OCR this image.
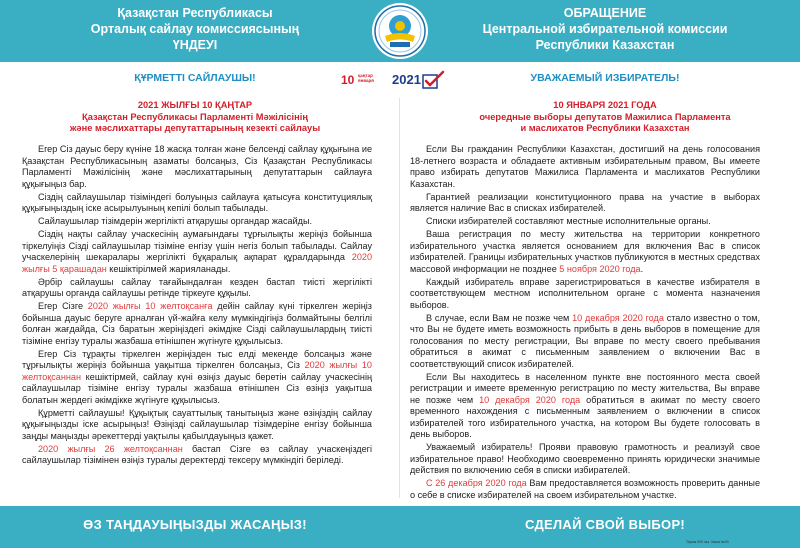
Қазақстан Республикасы
Орталық сайлау комиссиясының
ҮНДЕУІ
ОБРАЩЕНИЕ
Центральной избирательной комиссии
Республики Казахстан
ҚҰРМЕТТІ САЙЛАУШЫ!	УВАЖАЕМЫЙ ИЗБИРАТЕЛЬ!
10 қаңтар
января 2021
2021 ЖЫЛҒЫ 10 ҚАҢТАР
Қазақстан Республикасы Парламенті Мәжілісінің
және мәслихаттары депутаттарының кезекті сайлауы
10 ЯНВАРЯ 2021 ГОДА
очередные выборы депутатов Мажилиса Парламента
и маслихатов Республики Казахстан

Егер Сіз дауыс беру күніне 18 жасқа толған және белсенді сайлау құқығына ие Қазақстан Республикасының азаматы болсаңыз, Сіз Қазақстан Республикасы Парламенті Мәжілісінің және мәслихаттарының депутаттарын сайлауға құқығыңыз бар.

Сіздің сайлаушылар тізіміндегі болуыңыз сайлауға қатысуға конституциялық құқығыңыздың іске асырылуының кепілі болып табылады.

Сайлаушылар тізімдерін жергілікті атқарушы органдар жасайды.

Сіздің нақты сайлау учаскесінің аумағындағы тұрғылықты жеріңіз бойынша тіркелуіңіз Сізді сайлаушылар тізіміне енгізу үшін негіз болып табылады. Сайлау учаскелерінің шекаралары жергілікті бұқаралық ақпарат құралдарында 2020 жылғы 5 қарашадан кешіктірілмей жарияланады.

Әрбір сайлаушы сайлау тағайындалған кезден бастап тиісті жергілікті атқарушы органда сайлаушы ретінде тіркеуге құқылы.

Егер Сізге 2020 жылғы 10 желтоқсанға дейін сайлау күні тіркелген жеріңіз бойынша дауыс беруге арналған үй-жайға келу мүмкіндігіңіз болмайтыны белгілі болған жағдайда, Сіз баратын жеріңіздегі әкімдіке Сізді сайлаушылардың тиісті тізіміне енгізу туралы жазбаша өтінішпен жүгінуге құқылысыз.

Егер Сіз тұрақты тіркелген жеріңізден тыс елді мекенде болсаңыз және тұрғылықты жеріңіз бойынша уақытша тіркелген болсаңыз, Сіз 2020 жылғы 10 желтоқсаннан кешіктірмей, сайлау күні өзіңіз дауыс беретін сайлау учаскесінің сайлаушылар тізіміне енгізу туралы жазбаша өтінішпен Сіз өзіңіз уақытша болатын жердегі әкімдікке жүгінуге құқылысыз.

Құрметті сайлаушы! Құқықтық сауаттылық танытыңыз және өзіңіздің сайлау құқығыңызды іске асырыңыз! Өзіңізді сайлаушылар тізімдеріне енгізу бойынша заңды маңызды әрекеттерді уақтылы қабылдауыңыз қажет.

2020 жылғы 26 желтоқсаннан бастап Сізге өз сайлау учаскеңіздегі сайлаушылар тізімінен өзіңіз туралы деректерді тексеру мүмкіндігі беріледі.

Если Вы гражданин Республики Казахстан, достигший на день голосования 18-летнего возраста и обладаете активным избирательным правом, Вы имеете право избирать депутатов Мажилиса Парламента и маслихатов Республики Казахстан.

Гарантией реализации конституционного права на участие в выборах является наличие Вас в списках избирателей.

Списки избирателей составляют местные исполнительные органы.

Ваша регистрация по месту жительства на территории конкретного избирательного участка является основанием для включения Вас в список избирателей. Границы избирательных участков публикуются в местных средствах массовой информации не позднее 5 ноября 2020 года.

Каждый избиратель вправе зарегистрироваться в качестве избирателя в соответствующем местном исполнительном органе с момента назначения выборов.

В случае, если Вам не позже чем 10 декабря 2020 года стало известно о том, что Вы не будете иметь возможность прибыть в день выборов в помещение для голосования по месту регистрации, Вы вправе по месту своего пребывания обратиться в акимат с письменным заявлением о включении Вас в соответствующий список избирателей.

Если Вы находитесь в населенном пункте вне постоянного места своей регистрации и имеете временную регистрацию по месту жительства, Вы вправе не позже чем 10 декабря 2020 года обратиться в акимат по месту своего временного нахождения с письменным заявлением о включении в список избирателей того избирательного участка, на котором Вы будете голосовать в день выборов.

Уважаемый избиратель! Прояви правовую грамотность и реализуй свое избирательное право! Необходимо своевременно принять юридически значимые действия по включению себя в списки избирателей.

С 26 декабря 2020 года Вам предоставляется возможность проверить данные о себе в списке избирателей на своем избирательном участке.

ӨЗ ТАҢДАУЫҢЫЗДЫ ЖАСАҢЫЗ!	СДЕЛАЙ СВОЙ ВЫБОР!
Тираж 000 экз. Заказ №00
